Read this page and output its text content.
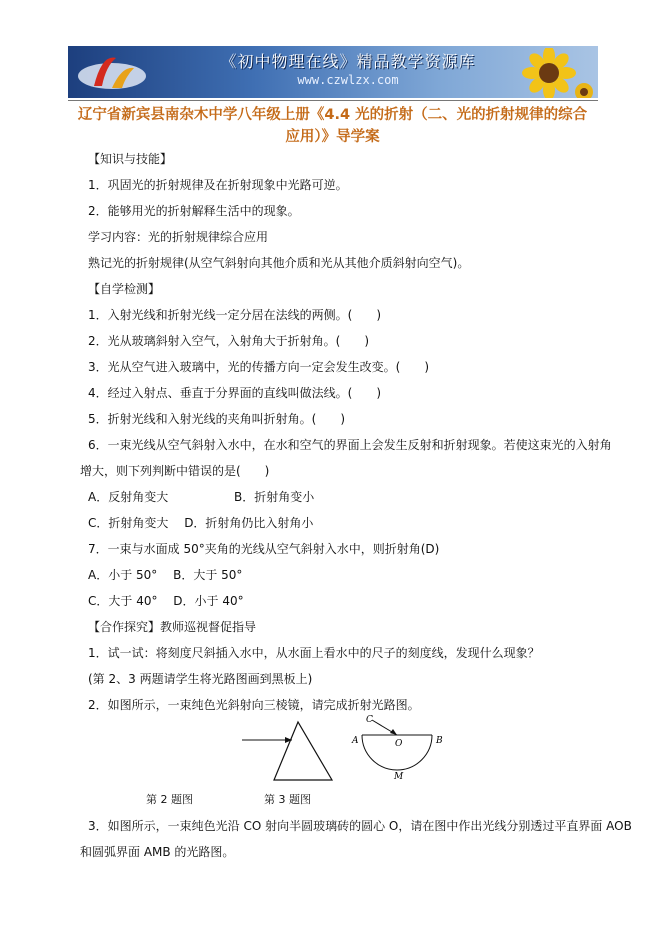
《初中物理在线》精品教学资源库
www.czwlzx.com
辽宁省新宾县南杂木中学八年级上册《4.4 光的折射（二、光的折射规律的综合
应用）》导学案
【知识与技能】
1．巩固光的折射规律及在折射现象中光路可逆。
2．能够用光的折射解释生活中的现象。
学习内容：光的折射规律综合应用
熟记光的折射规律(从空气斜射向其他介质和光从其他介质斜射向空气)。
【自学检测】
1．入射光线和折射光线一定分居在法线的两侧。(　　)
2．光从玻璃斜射入空气，入射角大于折射角。(　　)
3．光从空气进入玻璃中，光的传播方向一定会发生改变。(　　)
4．经过入射点、垂直于分界面的直线叫做法线。(　　)
5．折射光线和入射光线的夹角叫折射角。(　　)
6．一束光线从空气斜射入水中，在水和空气的界面上会发生反射和折射现象。若使这束光的入射角
增大，则下列判断中错误的是(　　)
A．反射角变大	B．折射角变小
C．折射角变大　 D．折射角仍比入射角小
7．一束与水面成 50°夹角的光线从空气斜射入水中，则折射角(D)
A．小于 50°　 B．大于 50°
C．大于 40°　 D．小于 40°
【合作探究】教师巡视督促指导
1．试一试：将刻度尺斜插入水中，从水面上看水中的尺子的刻度线，发现什么现象？
(第 2、3 两题请学生将光路图画到黑板上)
2．如图所示，一束纯色光斜射向三棱镜，请完成折射光路图。
C
A	O	B
M
第 2 题图	第 3 题图
3．如图所示，一束纯色光沿 CO 射向半圆玻璃砖的圆心 O，请在图中作出光线分别透过平直界面 AOB
和圆弧界面 AMB 的光路图。
